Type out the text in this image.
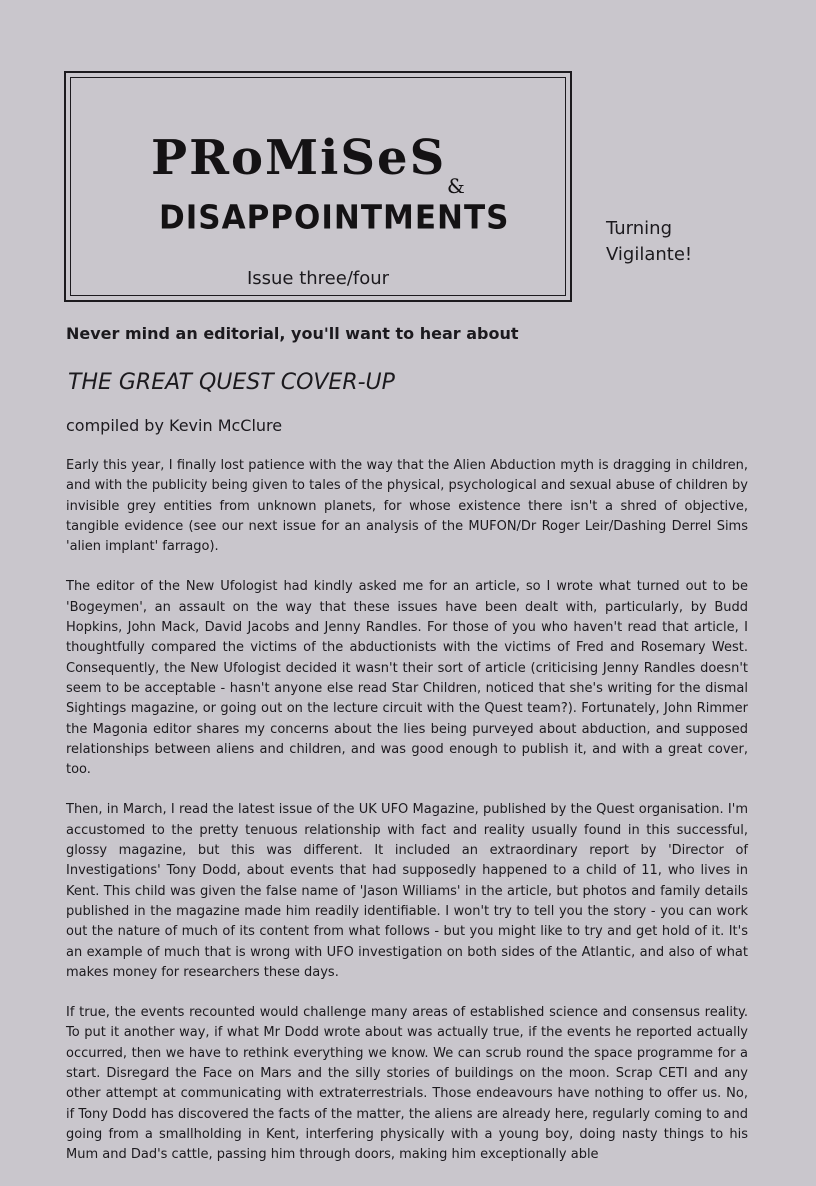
PRoMiSeS &
DISAPPOINTMENTS
Issue three/four
Turning
Vigilante!
Never mind an editorial, you'll want to hear about
THE GREAT QUEST COVER-UP
compiled by Kevin McClure

Early this year, I finally lost patience with the way that the Alien Abduction myth is dragging in children, and with the publicity being given to tales of the physical, psychological and sexual abuse of children by invisible grey entities from unknown planets, for whose existence there isn't a shred of objective, tangible evidence (see our next issue for an analysis of the MUFON/Dr Roger Leir/Dashing Derrel Sims 'alien implant' farrago).

The editor of the New Ufologist had kindly asked me for an article, so I wrote what turned out to be 'Bogeymen', an assault on the way that these issues have been dealt with, particularly, by Budd Hopkins, John Mack, David Jacobs and Jenny Randles. For those of you who haven't read that article, I thoughtfully compared the victims of the abductionists with the victims of Fred and Rosemary West. Consequently, the New Ufologist decided it wasn't their sort of article (criticising Jenny Randles doesn't seem to be acceptable - hasn't anyone else read Star Children, noticed that she's writing for the dismal Sightings magazine, or going out on the lecture circuit with the Quest team?). Fortunately, John Rimmer the Magonia editor shares my concerns about the lies being purveyed about abduction, and supposed relationships between aliens and children, and was good enough to publish it, and with a great cover, too.

Then, in March, I read the latest issue of the UK UFO Magazine, published by the Quest organisation. I'm accustomed to the pretty tenuous relationship with fact and reality usually found in this successful, glossy magazine, but this was different. It included an extraordinary report by 'Director of Investigations' Tony Dodd, about events that had supposedly happened to a child of 11, who lives in Kent. This child was given the false name of 'Jason Williams' in the article, but photos and family details published in the magazine made him readily identifiable. I won't try to tell you the story - you can work out the nature of much of its content from what follows - but you might like to try and get hold of it. It's an example of much that is wrong with UFO investigation on both sides of the Atlantic, and also of what makes money for researchers these days.

If true, the events recounted would challenge many areas of established science and consensus reality. To put it another way, if what Mr Dodd wrote about was actually true, if the events he reported actually occurred, then we have to rethink everything we know. We can scrub round the space programme for a start. Disregard the Face on Mars and the silly stories of buildings on the moon. Scrap CETI and any other attempt at communicating with extraterrestrials. Those endeavours have nothing to offer us. No, if Tony Dodd has discovered the facts of the matter, the aliens are already here, regularly coming to and going from a smallholding in Kent, interfering physically with a young boy, doing nasty things to his Mum and Dad's cattle, passing him through doors, making him exceptionally able
